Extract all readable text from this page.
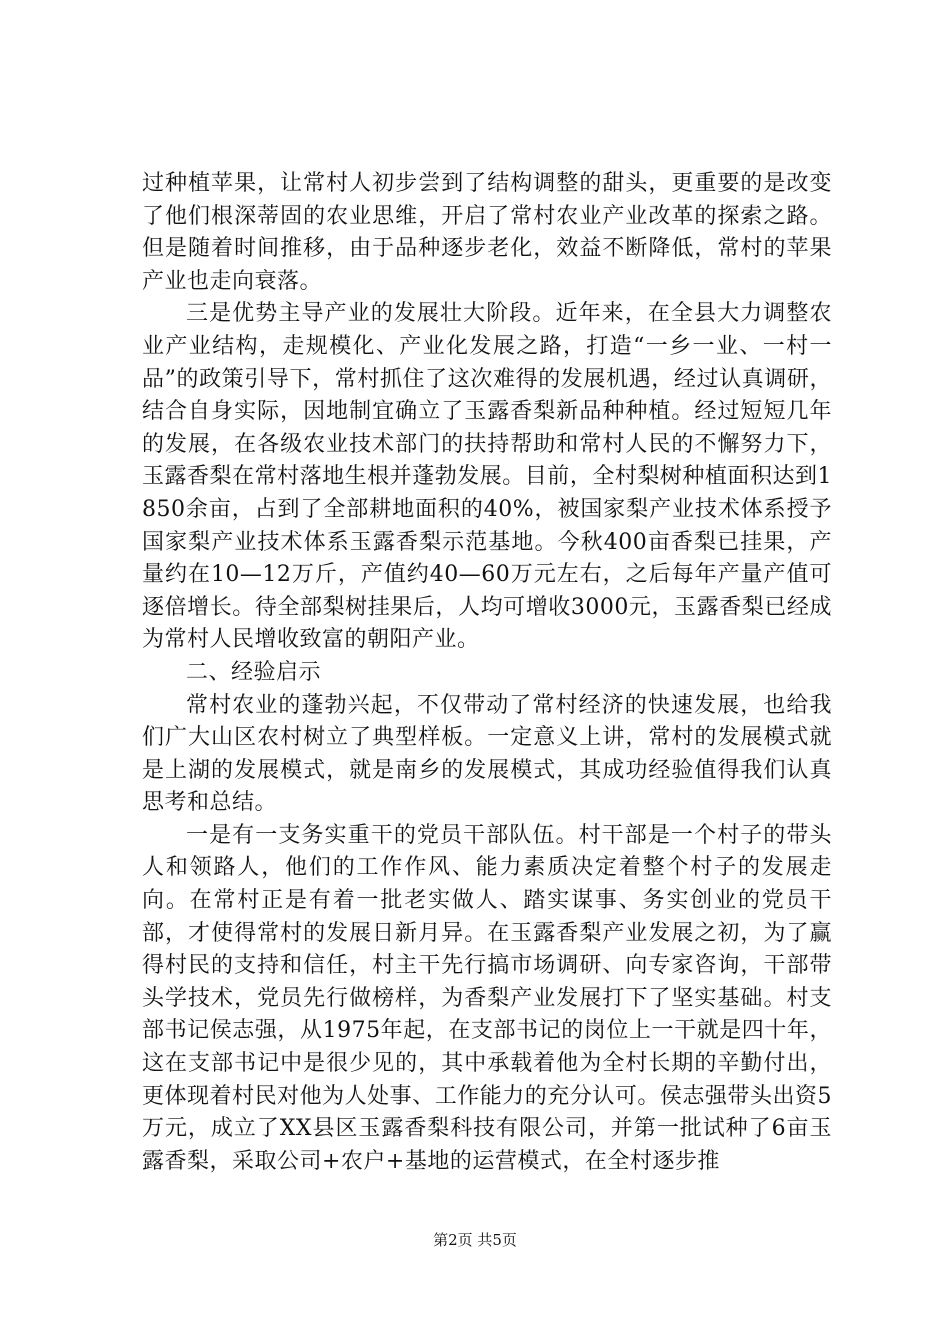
过种植苹果，让常村人初步尝到了结构调整的甜头，更重要的是改变了他们根深蒂固的农业思维，开启了常村农业产业改革的探索之路。但是随着时间推移，由于品种逐步老化，效益不断降低，常村的苹果产业也走向衰落。

三是优势主导产业的发展壮大阶段。近年来，在全县大力调整农业产业结构，走规模化、产业化发展之路，打造“一乡一业、一村一品”的政策引导下，常村抓住了这次难得的发展机遇，经过认真调研，结合自身实际，因地制宜确立了玉露香梨新品种种植。经过短短几年的发展，在各级农业技术部门的扶持帮助和常村人民的不懈努力下，玉露香梨在常村落地生根并蓬勃发展。目前，全村梨树种植面积达到1850余亩，占到了全部耕地面积的40%，被国家梨产业技术体系授予国家梨产业技术体系玉露香梨示范基地。今秋400亩香梨已挂果，产量约在10—12万斤，产值约40—60万元左右，之后每年产量产值可逐倍增长。待全部梨树挂果后，人均可增收3000元，玉露香梨已经成为常村人民增收致富的朝阳产业。

二、经验启示

常村农业的蓬勃兴起，不仅带动了常村经济的快速发展，也给我们广大山区农村树立了典型样板。一定意义上讲，常村的发展模式就是上湖的发展模式，就是南乡的发展模式，其成功经验值得我们认真思考和总结。

一是有一支务实重干的党员干部队伍。村干部是一个村子的带头人和领路人，他们的工作作风、能力素质决定着整个村子的发展走向。在常村正是有着一批老实做人、踏实谋事、务实创业的党员干部，才使得常村的发展日新月异。在玉露香梨产业发展之初，为了赢得村民的支持和信任，村主干先行搞市场调研、向专家咨询，干部带头学技术，党员先行做榜样，为香梨产业发展打下了坚实基础。村支部书记侯志强，从1975年起，在支部书记的岗位上一干就是四十年，这在支部书记中是很少见的，其中承载着他为全村长期的辛勤付出，更体现着村民对他为人处事、工作能力的充分认可。侯志强带头出资5万元，成立了XX县区玉露香梨科技有限公司，并第一批试种了6亩玉露香梨，采取公司+农户+基地的运营模式，在全村逐步推

第2页 共5页
